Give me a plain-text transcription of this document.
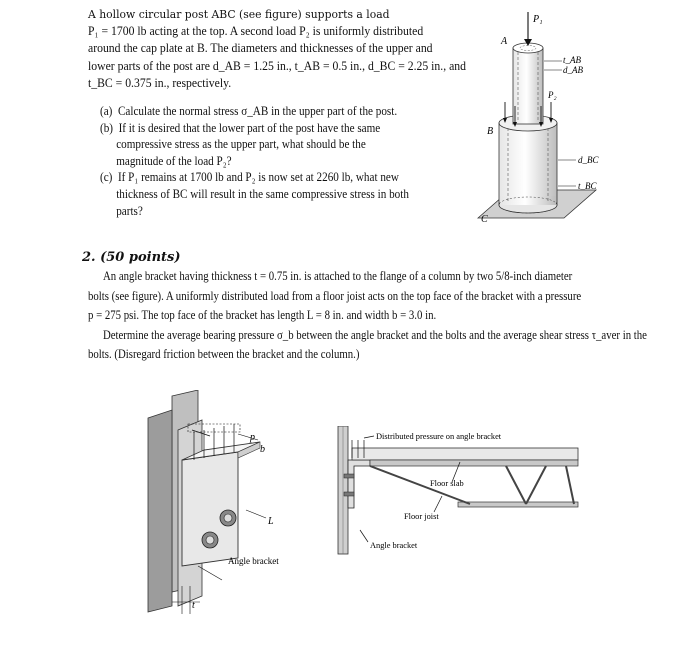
A hollow circular post ABC (see figure) supports a load
P₁ = 1700 lb acting at the top. A second load P₂ is uniformly distributed
around the cap plate at B. The diameters and thicknesses of the upper and
lower parts of the post are d_AB = 1.25 in., t_AB = 0.5 in., d_BC = 2.25 in., and
t_BC = 0.375 in., respectively.

(a) Calculate the normal stress σ_AB in the upper part of the post.

(b) If it is desired that the lower part of the post have the same compressive stress as the upper part, what should be the magnitude of the load P₂?

(c) If P₁ remains at 1700 lb and P₂ is now set at 2260 lb, what new thickness of BC will result in the same compressive stress in both parts?

A
P₁
t_AB
d_AB
P₂
B
d_BC
t_BC
C
2. (50 points)
An angle bracket having thickness t = 0.75 in. is attached to the flange of a column by two 5/8-inch diameter
bolts (see figure). A uniformly distributed load from a floor joist acts on the top face of the bracket with a pressure
p = 275 psi. The top face of the bracket has length L = 8 in. and width b = 3.0 in.
Determine the average bearing pressure σ_b between the angle bracket and the bolts and the average shear stress τ_aver in the
bolts. (Disregard friction between the bracket and the column.)
p
b
L
Angle bracket
t
Distributed pressure on angle bracket
Floor slab
Floor joist
Angle bracket
